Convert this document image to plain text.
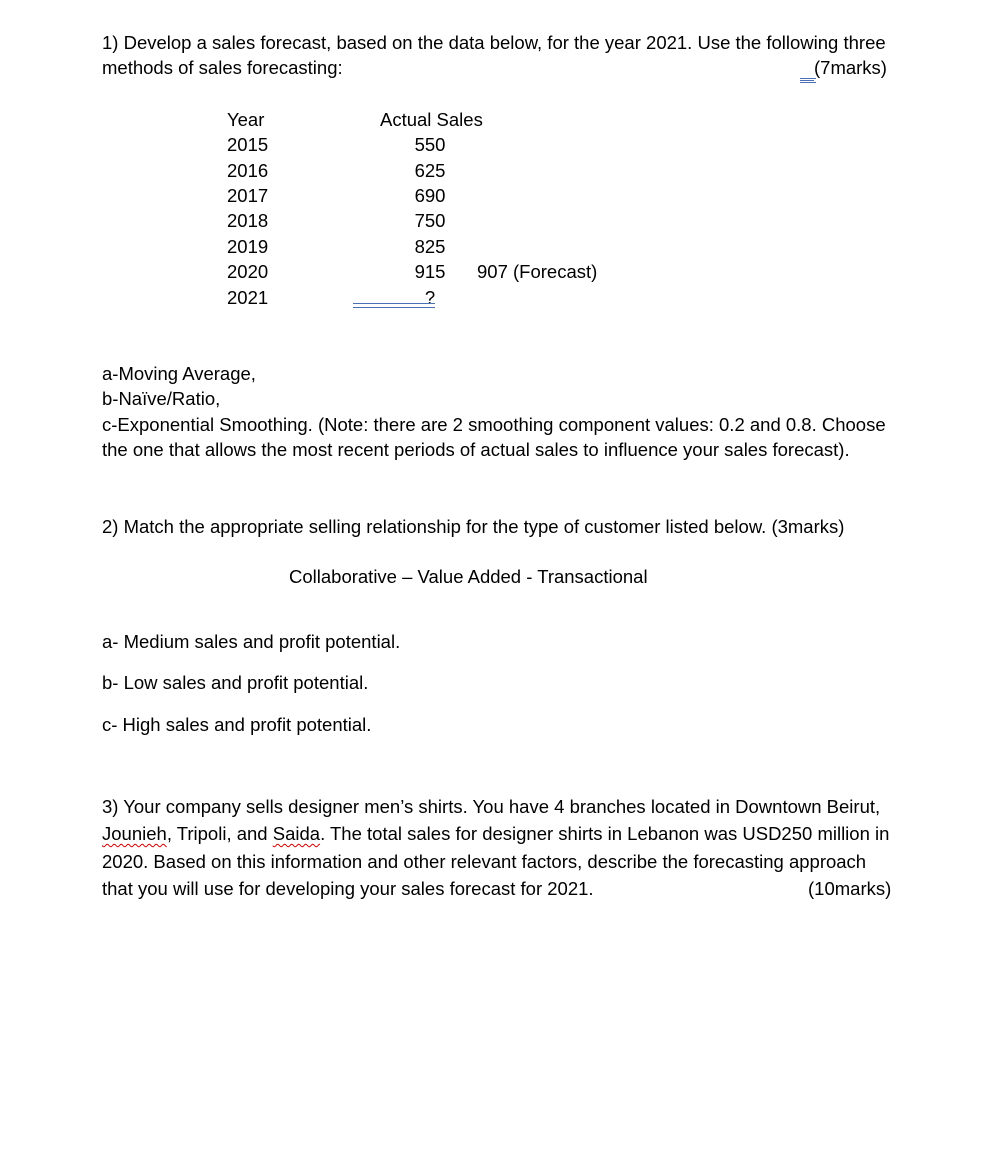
1) Develop a sales forecast, based on the data below, for the year 2021. Use the following three
methods of sales forecasting:	(7marks)
Year	Actual Sales
2015	550
2016	625
2017	690
2018	750
2019	825
2020	915	907 (Forecast)
2021	?
a-Moving Average,
b-Naïve/Ratio,
c-Exponential Smoothing. (Note: there are 2 smoothing component values: 0.2 and 0.8. Choose
the one that allows the most recent periods of actual sales to influence your sales forecast).
2) Match the appropriate selling relationship for the type of customer listed below. (3marks)
Collaborative – Value Added - Transactional
a- Medium sales and profit potential.
b- Low sales and profit potential.
c- High sales and profit potential.
3) Your company sells designer men’s shirts. You have 4 branches located in Downtown Beirut,
Jounieh, Tripoli, and Saida. The total sales for designer shirts in Lebanon was USD250 million in
2020. Based on this information and other relevant factors, describe the forecasting approach
that you will use for developing your sales forecast for 2021.	(10marks)
